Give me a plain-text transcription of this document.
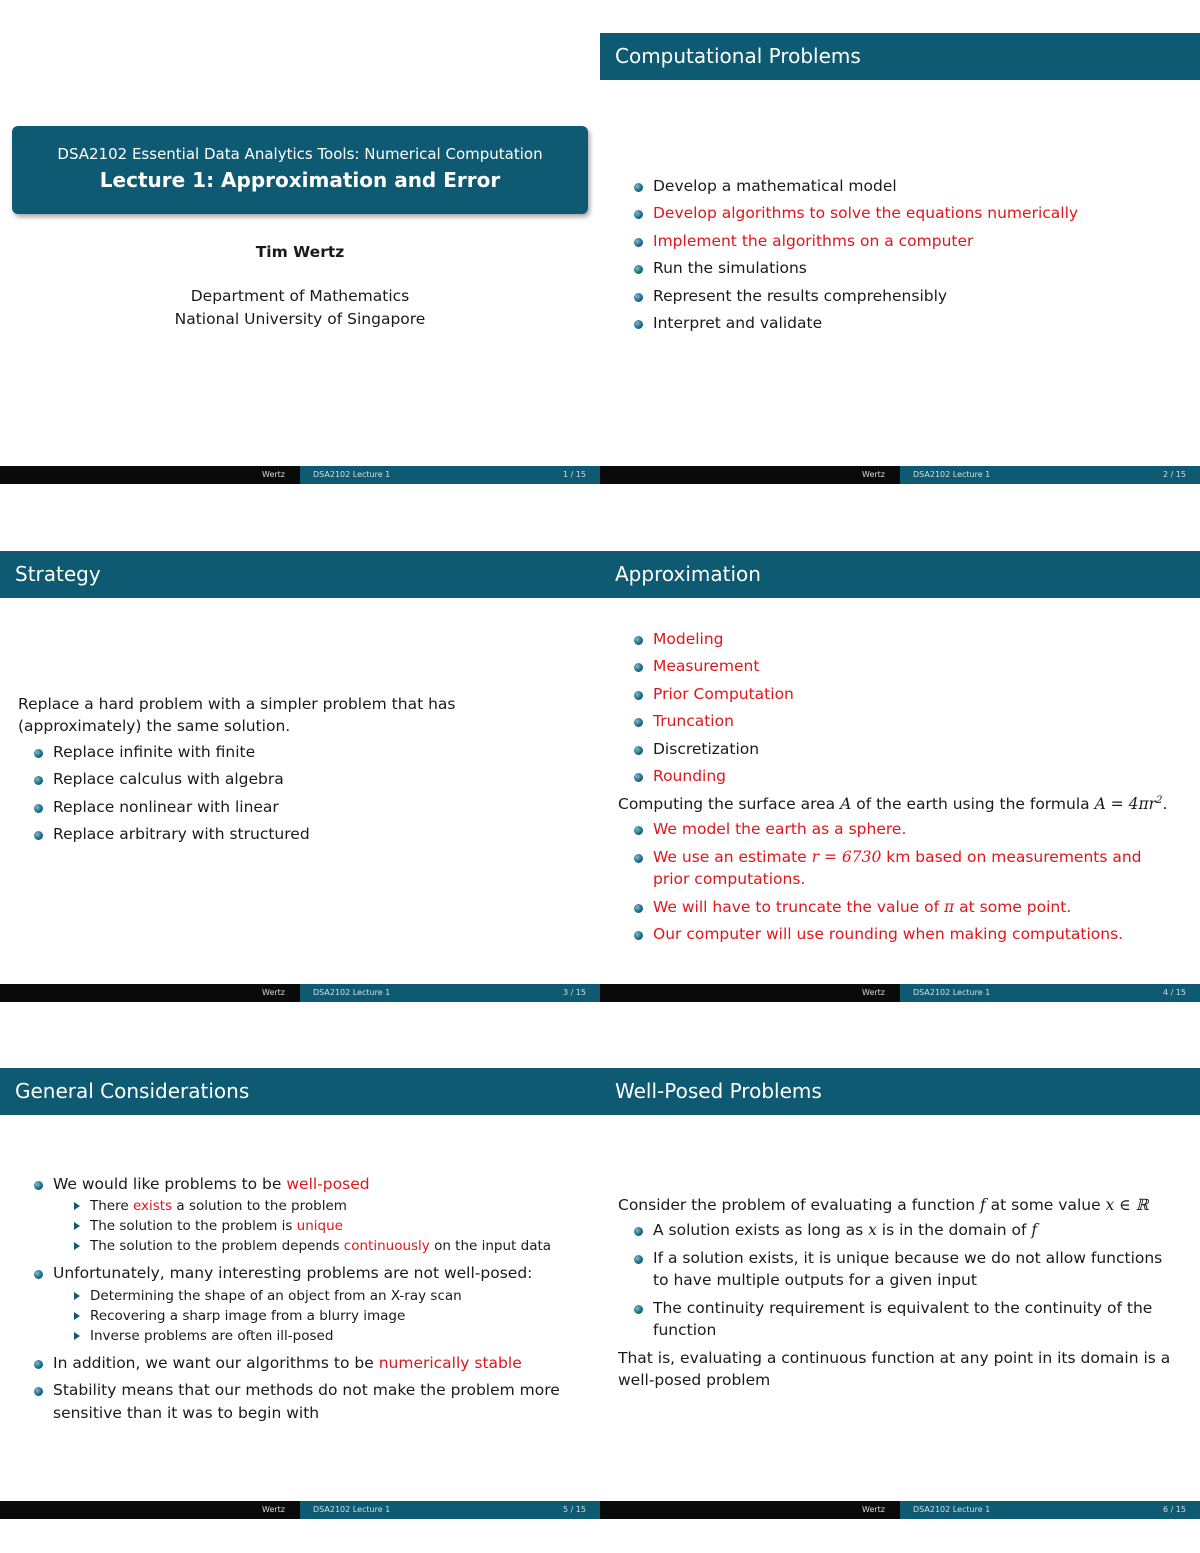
DSA2102 Essential Data Analytics Tools: Numerical Computation
Lecture 1: Approximation and Error
Tim Wertz
Department of Mathematics
National University of Singapore
Wertz	DSA2102 Lecture 1	1 / 15
Computational Problems
Develop a mathematical model
Develop algorithms to solve the equations numerically
Implement the algorithms on a computer
Run the simulations
Represent the results comprehensibly
Interpret and validate
Wertz	DSA2102 Lecture 1	2 / 15
Strategy

Replace a hard problem with a simpler problem that has (approximately) the same solution.

Replace infinite with finite
Replace calculus with algebra
Replace nonlinear with linear
Replace arbitrary with structured
Wertz	DSA2102 Lecture 1	3 / 15
Approximation
Modeling
Measurement
Prior Computation
Truncation
Discretization
Rounding

Computing the surface area A of the earth using the formula $A = 4\pi r^2$.

We model the earth as a sphere.
We use an estimate r = 6730 km based on measurements and prior computations.
We will have to truncate the value of π at some point.
Our computer will use rounding when making computations.
Wertz	DSA2102 Lecture 1	4 / 15
General Considerations
We would like problems to be well-posed
There exists a solution to the problem
The solution to the problem is unique
The solution to the problem depends continuously on the input data
Unfortunately, many interesting problems are not well-posed:
Determining the shape of an object from an X-ray scan
Recovering a sharp image from a blurry image
Inverse problems are often ill-posed
In addition, we want our algorithms to be numerically stable
Stability means that our methods do not make the problem more sensitive than it was to begin with
Wertz	DSA2102 Lecture 1	5 / 15
Well-Posed Problems

Consider the problem of evaluating a function f at some value x ∈ ℝ

A solution exists as long as x is in the domain of f
If a solution exists, it is unique because we do not allow functions to have multiple outputs for a given input
The continuity requirement is equivalent to the continuity of the function

That is, evaluating a continuous function at any point in its domain is a well-posed problem

Wertz	DSA2102 Lecture 1	6 / 15
